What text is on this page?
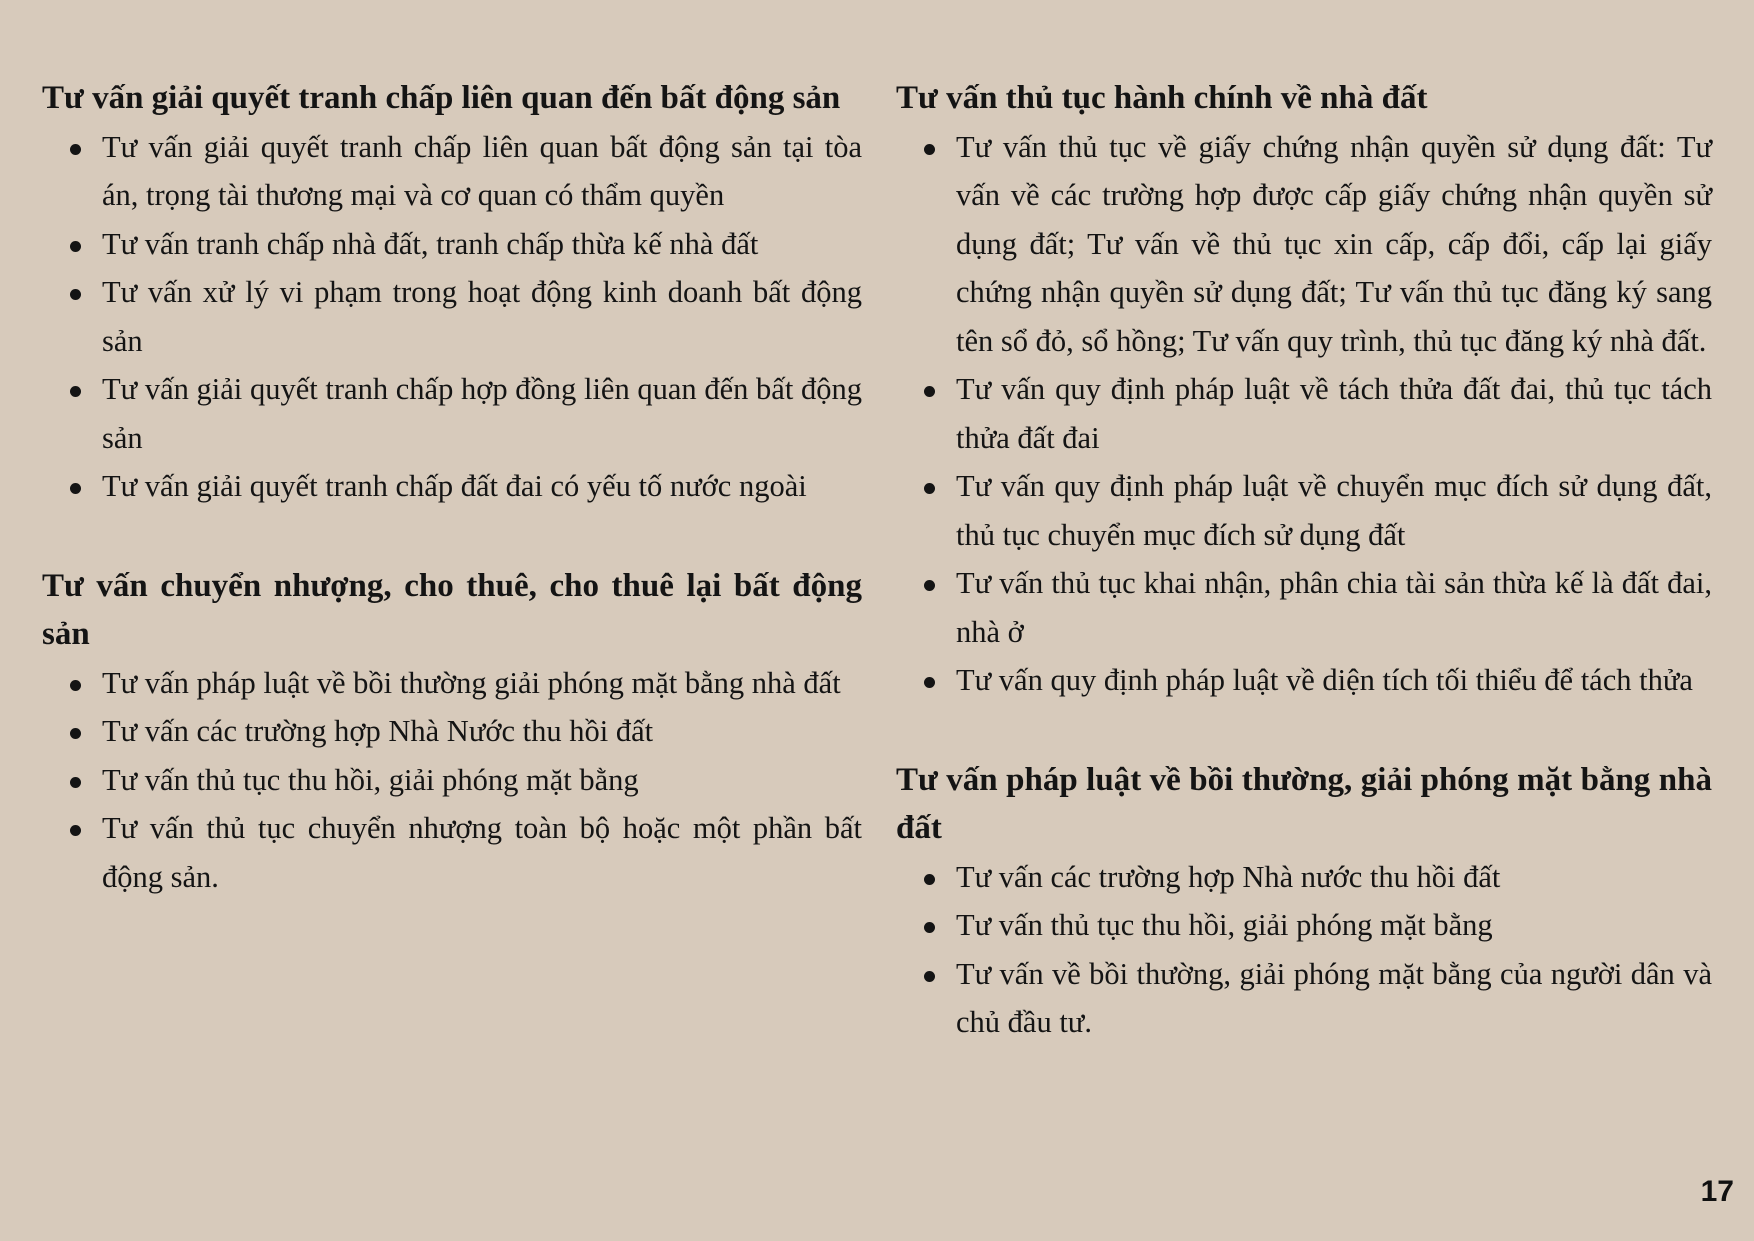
Tư vấn giải quyết tranh chấp liên quan đến bất động sản

Tư vấn giải quyết tranh chấp liên quan bất động sản tại tòa án, trọng tài thương mại và cơ quan có thẩm quyền
Tư vấn tranh chấp nhà đất, tranh chấp thừa kế nhà đất
Tư vấn xử lý vi phạm trong hoạt động kinh doanh bất động sản
Tư vấn giải quyết tranh chấp hợp đồng liên quan đến bất động sản
Tư vấn giải quyết tranh chấp đất đai có yếu tố nước ngoài

Tư vấn chuyển nhượng, cho thuê, cho thuê lại bất động sản

Tư vấn pháp luật về bồi thường giải phóng mặt bằng nhà đất
Tư vấn các trường hợp Nhà Nước thu hồi đất
Tư vấn thủ tục thu hồi, giải phóng mặt bằng
Tư vấn thủ tục chuyển nhượng toàn bộ hoặc một phần bất động sản.

Tư vấn thủ tục hành chính về nhà đất

Tư vấn thủ tục về giấy chứng nhận quyền sử dụng đất: Tư vấn về các trường hợp được cấp giấy chứng nhận quyền sử dụng đất; Tư vấn về thủ tục xin cấp, cấp đổi, cấp lại giấy chứng nhận quyền sử dụng đất; Tư vấn thủ tục đăng ký sang tên sổ đỏ, sổ hồng; Tư vấn quy trình, thủ tục đăng ký nhà đất.
Tư vấn quy định pháp luật về tách thửa đất đai, thủ tục tách thửa đất đai
Tư vấn quy định pháp luật về chuyển mục đích sử dụng đất, thủ tục chuyển mục đích sử dụng đất
Tư vấn thủ tục khai nhận, phân chia tài sản thừa kế là đất đai, nhà ở
Tư vấn quy định pháp luật về diện tích tối thiểu để tách thửa

Tư vấn pháp luật về bồi thường, giải phóng mặt bằng nhà đất

Tư vấn các trường hợp Nhà nước thu hồi đất
Tư vấn thủ tục thu hồi, giải phóng mặt bằng
Tư vấn về bồi thường, giải phóng mặt bằng của người dân và chủ đầu tư.
17
